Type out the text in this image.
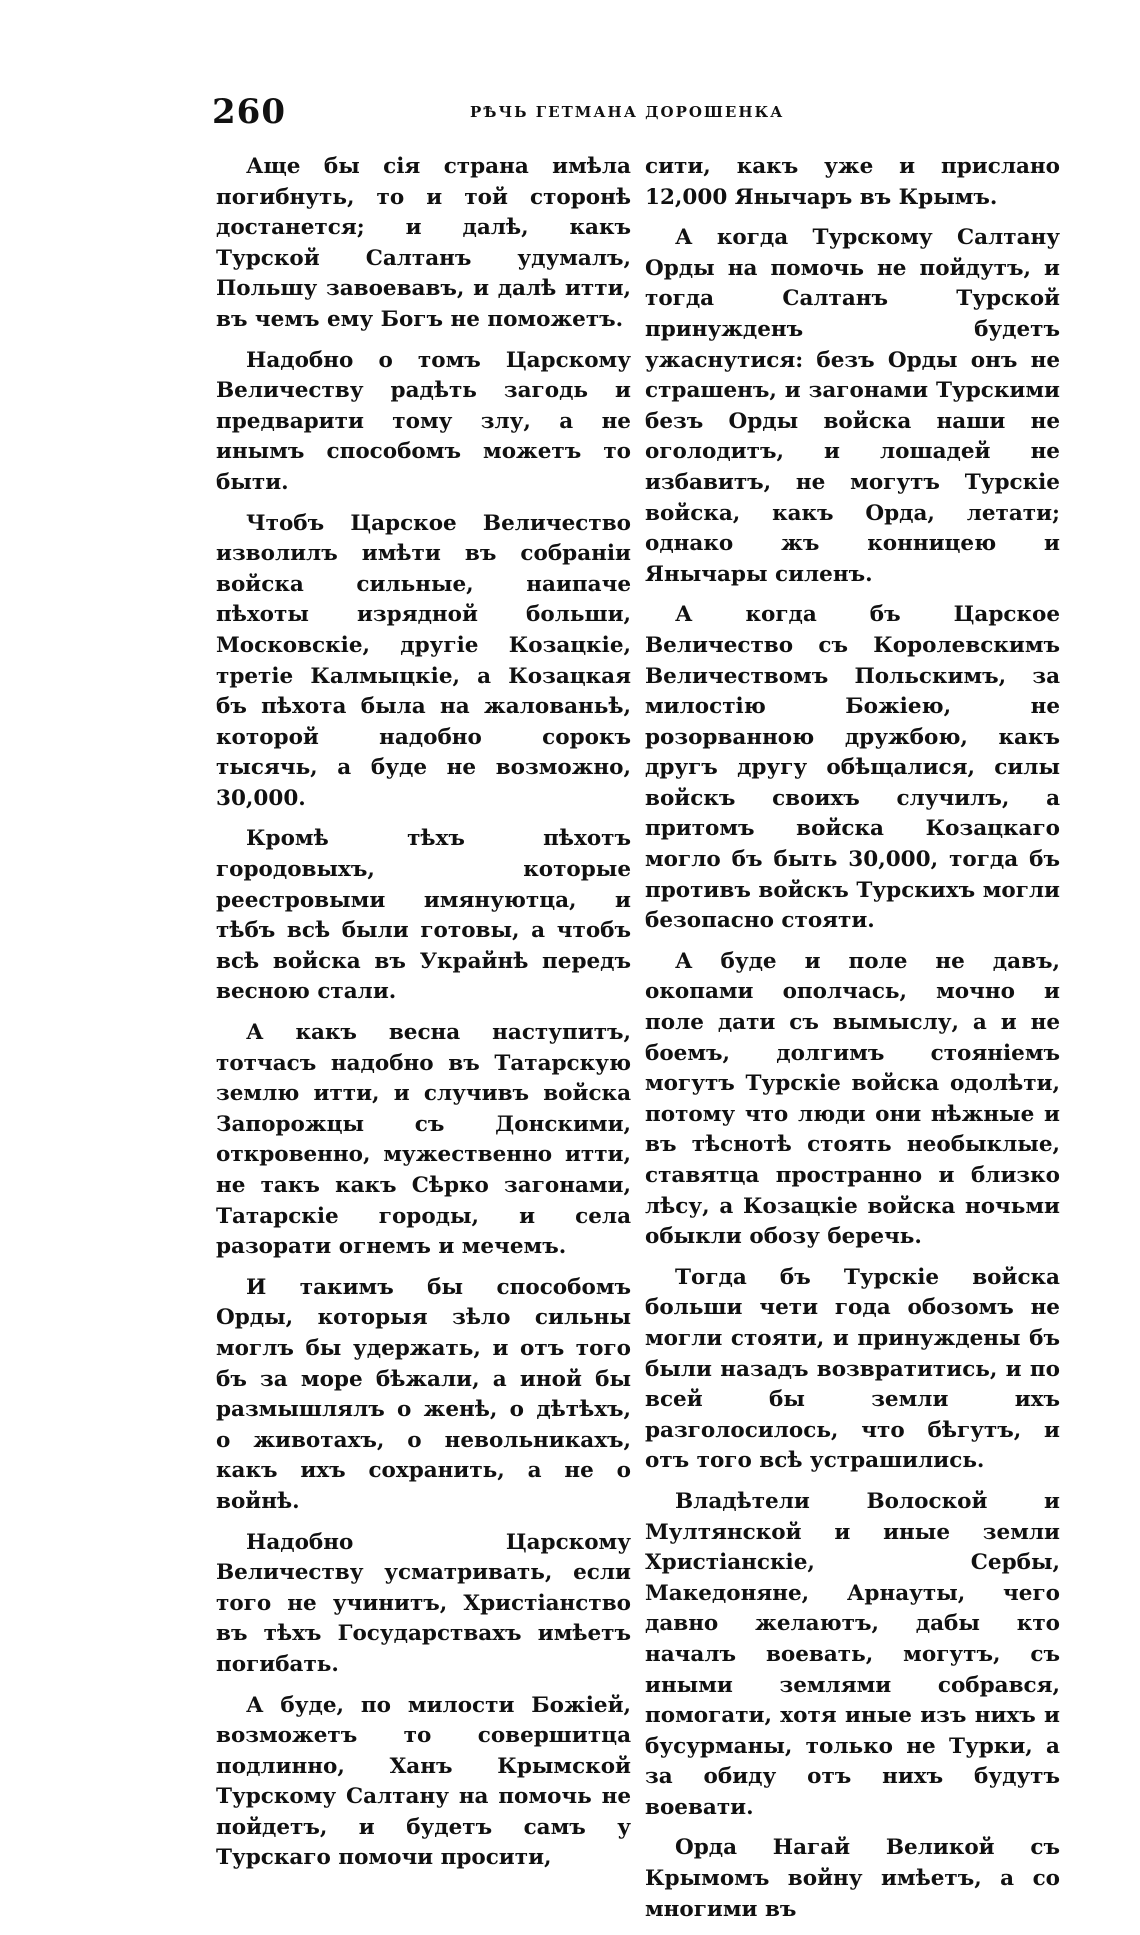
260	РѢЧЬ ГЕТМАНА ДОРОШЕНКА

Аще бы сія страна имѣла погибнуть, то и той сторонѣ достанется; и далѣ, какъ Турской Салтанъ удумалъ, Польшу завоевавъ, и далѣ итти, въ чемъ ему Богъ не поможетъ.

Надобно о томъ Царскому Величеству радѣть загодь и предварити тому злу, а не инымъ способомъ можетъ то быти.

Чтобъ Царское Величество изволилъ имѣти въ собраніи войска сильные, наипаче пѣхоты изрядной больши, Московскіе, другіе Козацкіе, третіе Калмыцкіе, а Козацкая бъ пѣхота была на жалованьѣ, которой надобно сорокъ тысячь, а буде не возможно, 30,000.

Кромѣ тѣхъ пѣхотъ городовыхъ, которые реестровыми имянуютца, и тѣбъ всѣ были готовы, а чтобъ всѣ войска въ Украйнѣ передъ весною стали.

А какъ весна наступитъ, тотчасъ надобно въ Татарскую землю итти, и случивъ войска Запорожцы съ Донскими, откровенно, мужественно итти, не такъ какъ Сѣрко загонами, Татарскіе городы, и села разорати огнемъ и мечемъ.

И такимъ бы способомъ Орды, которыя зѣло сильны моглъ бы удержать, и отъ того бъ за море бѣжали, а иной бы размышлялъ о женѣ, о дѣтѣхъ, о животахъ, о невольникахъ, какъ ихъ сохранить, а не о войнѣ.

Надобно Царскому Величеству усматривать, если того не учинитъ, Христіанство въ тѣхъ Государствахъ имѣетъ погибать.

А буде, по милости Божіей, возможетъ то совершитца подлинно, Ханъ Крымской Турскому Салтану на помочь не пойдетъ, и будетъ самъ у Турскаго помочи просити,

сити, какъ уже и прислано 12,000 Янычаръ въ Крымъ.

А когда Турскому Салтану Орды на помочь не пойдутъ, и тогда Салтанъ Турской принужденъ будетъ ужаснутися: безъ Орды онъ не страшенъ, и загонами Турскими безъ Орды войска наши не оголодитъ, и лошадей не избавитъ, не могутъ Турскіе войска, какъ Орда, летати; однако жъ конницею и Янычары силенъ.

А когда бъ Царское Величество съ Королевскимъ Величествомъ Польскимъ, за милостію Божіею, не розорванною дружбою, какъ другъ другу обѣщалися, силы войскъ своихъ случилъ, а притомъ войска Козацкаго могло бъ быть 30,000, тогда бъ противъ войскъ Турскихъ могли безопасно стояти.

А буде и поле не давъ, окопами ополчась, мочно и поле дати съ вымыслу, а и не боемъ, долгимъ стояніемъ могутъ Турскіе войска одолѣти, потому что люди они нѣжные и въ тѣснотѣ стоять необыклые, ставятца пространно и близко лѣсу, а Козацкіе войска ночьми обыкли обозу беречь.

Тогда бъ Турскіе войска больши чети года обозомъ не могли стояти, и принуждены бъ были назадъ возвратитись, и по всей бы земли ихъ разголосилось, что бѣгутъ, и отъ того всѣ устрашились.

Владѣтели Волоской и Мултянской и иные земли Христіанскіе, Сербы, Македоняне, Арнауты, чего давно желаютъ, дабы кто началъ воевать, могутъ, съ иными землями собрався, помогати, хотя иные изъ нихъ и бусурманы, только не Турки, а за обиду отъ нихъ будутъ воевати.

Орда Нагай Великой съ Крымомъ войну имѣетъ, а со многими въ
